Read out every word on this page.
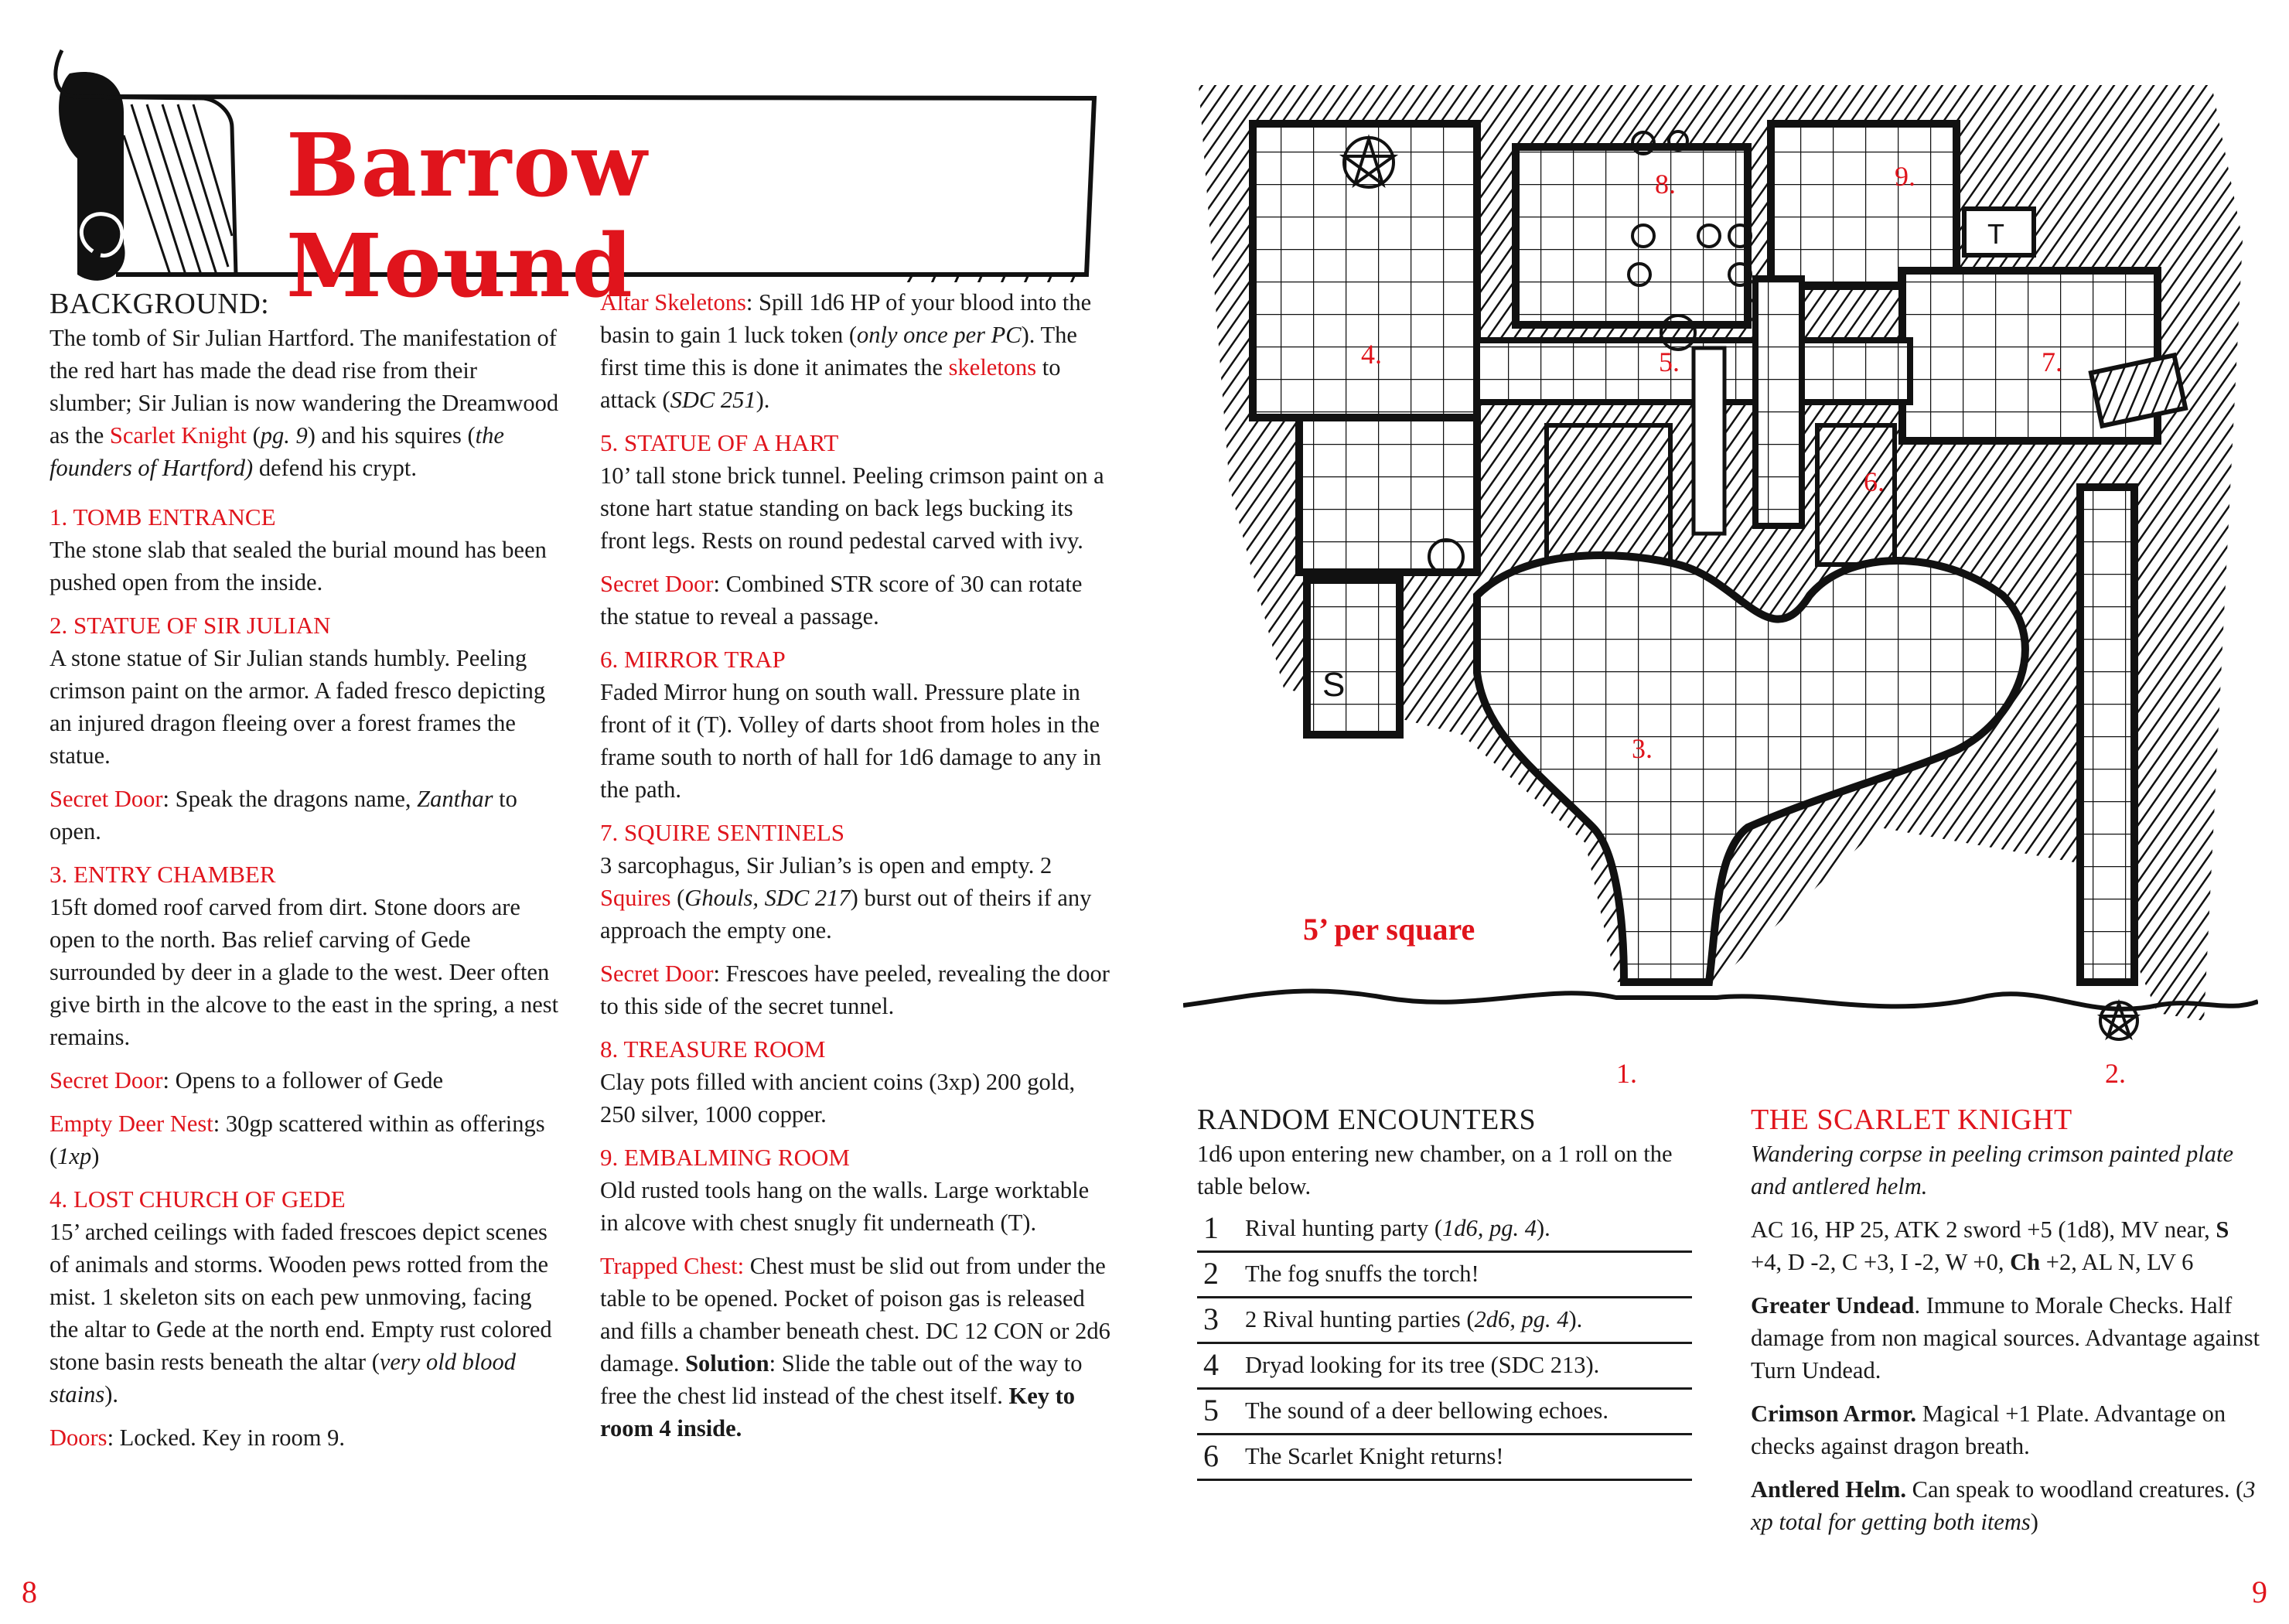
Barrow Mound
BACKGROUND:

The tomb of Sir Julian Hartford. The manifestation of the red hart has made the dead rise from their slumber; Sir Julian is now wandering the Dreamwood as the Scarlet Knight (pg. 9) and his squires (the founders of Hartford) defend his crypt.

1. TOMB ENTRANCE

The stone slab that sealed the burial mound has been pushed open from the inside.

2. STATUE OF SIR JULIAN

A stone statue of Sir Julian stands humbly. Peeling crimson paint on the armor. A faded fresco depicting an injured dragon fleeing over a forest frames the statue.

Secret Door: Speak the dragons name, Zanthar to open.

3. ENTRY CHAMBER

15ft domed roof carved from dirt. Stone doors are open to the north. Bas relief carving of Gede surrounded by deer in a glade to the west. Deer often give birth in the alcove to the east in the spring, a nest remains.

Secret Door: Opens to a follower of Gede

Empty Deer Nest: 30gp scattered within as offerings (1xp)

4. LOST CHURCH OF GEDE

15’ arched ceilings with faded frescoes depict scenes of animals and storms. Wooden pews rotted from the mist. 1 skeleton sits on each pew unmoving, facing the altar to Gede at the north end. Empty rust colored stone basin rests beneath the altar (very old blood stains).

Doors: Locked. Key in room 9.

Altar Skeletons: Spill 1d6 HP of your blood into the basin to gain 1 luck token (only once per PC). The first time this is done it animates the skeletons to attack (SDC 251).

5. STATUE OF A HART

10’ tall stone brick tunnel. Peeling crimson paint on a stone hart statue standing on back legs bucking its front legs. Rests on round pedestal carved with ivy.

Secret Door: Combined STR score of 30 can rotate the statue to reveal a passage.

6. MIRROR TRAP

Faded Mirror hung on south wall. Pressure plate in front of it (T). Volley of darts shoot from holes in the frame south to north of hall for 1d6 damage to any in the path.

7. SQUIRE SENTINELS

3 sarcophagus, Sir Julian’s is open and empty. 2 Squires (Ghouls, SDC 217) burst out of theirs if any approach the empty one.

Secret Door: Frescoes have peeled, revealing the door to this side of the secret tunnel.

8. TREASURE ROOM

Clay pots filled with ancient coins (3xp) 200 gold, 250 silver, 1000 copper.

9. EMBALMING ROOM

Old rusted tools hang on the walls. Large worktable in alcove with chest snugly fit underneath (T).

Trapped Chest: Chest must be slid out from under the table to be opened. Pocket of poison gas is released and fills a chamber beneath chest. DC 12 CON or 2d6 damage. Solution: Slide the table out of the way to free the chest lid instead of the chest itself. Key to room 4 inside.

T
S
1.	2.
3.
4.	5.
6.
7.
8.	9.
5’ per square
RANDOM ENCOUNTERS

1d6 upon entering new chamber, on a 1 roll on the table below.

1	Rival hunting party (1d6, pg. 4).
2	The fog snuffs the torch!
3	2 Rival hunting parties (2d6, pg. 4).
4	Dryad looking for its tree (SDC 213).
5	The sound of a deer bellowing echoes.
6	The Scarlet Knight returns!
THE SCARLET KNIGHT

Wandering corpse in peeling crimson painted plate and antlered helm.

AC 16, HP 25, ATK 2 sword +5 (1d8), MV near, S +4, D -2, C +3, I -2, W +0, Ch +2, AL N, LV 6

Greater Undead. Immune to Morale Checks. Half damage from non magical sources. Advantage against Turn Undead.

Crimson Armor. Magical +1 Plate. Advantage on checks against dragon breath.

Antlered Helm. Can speak to woodland creatures. (3 xp total for getting both items)

8	9
